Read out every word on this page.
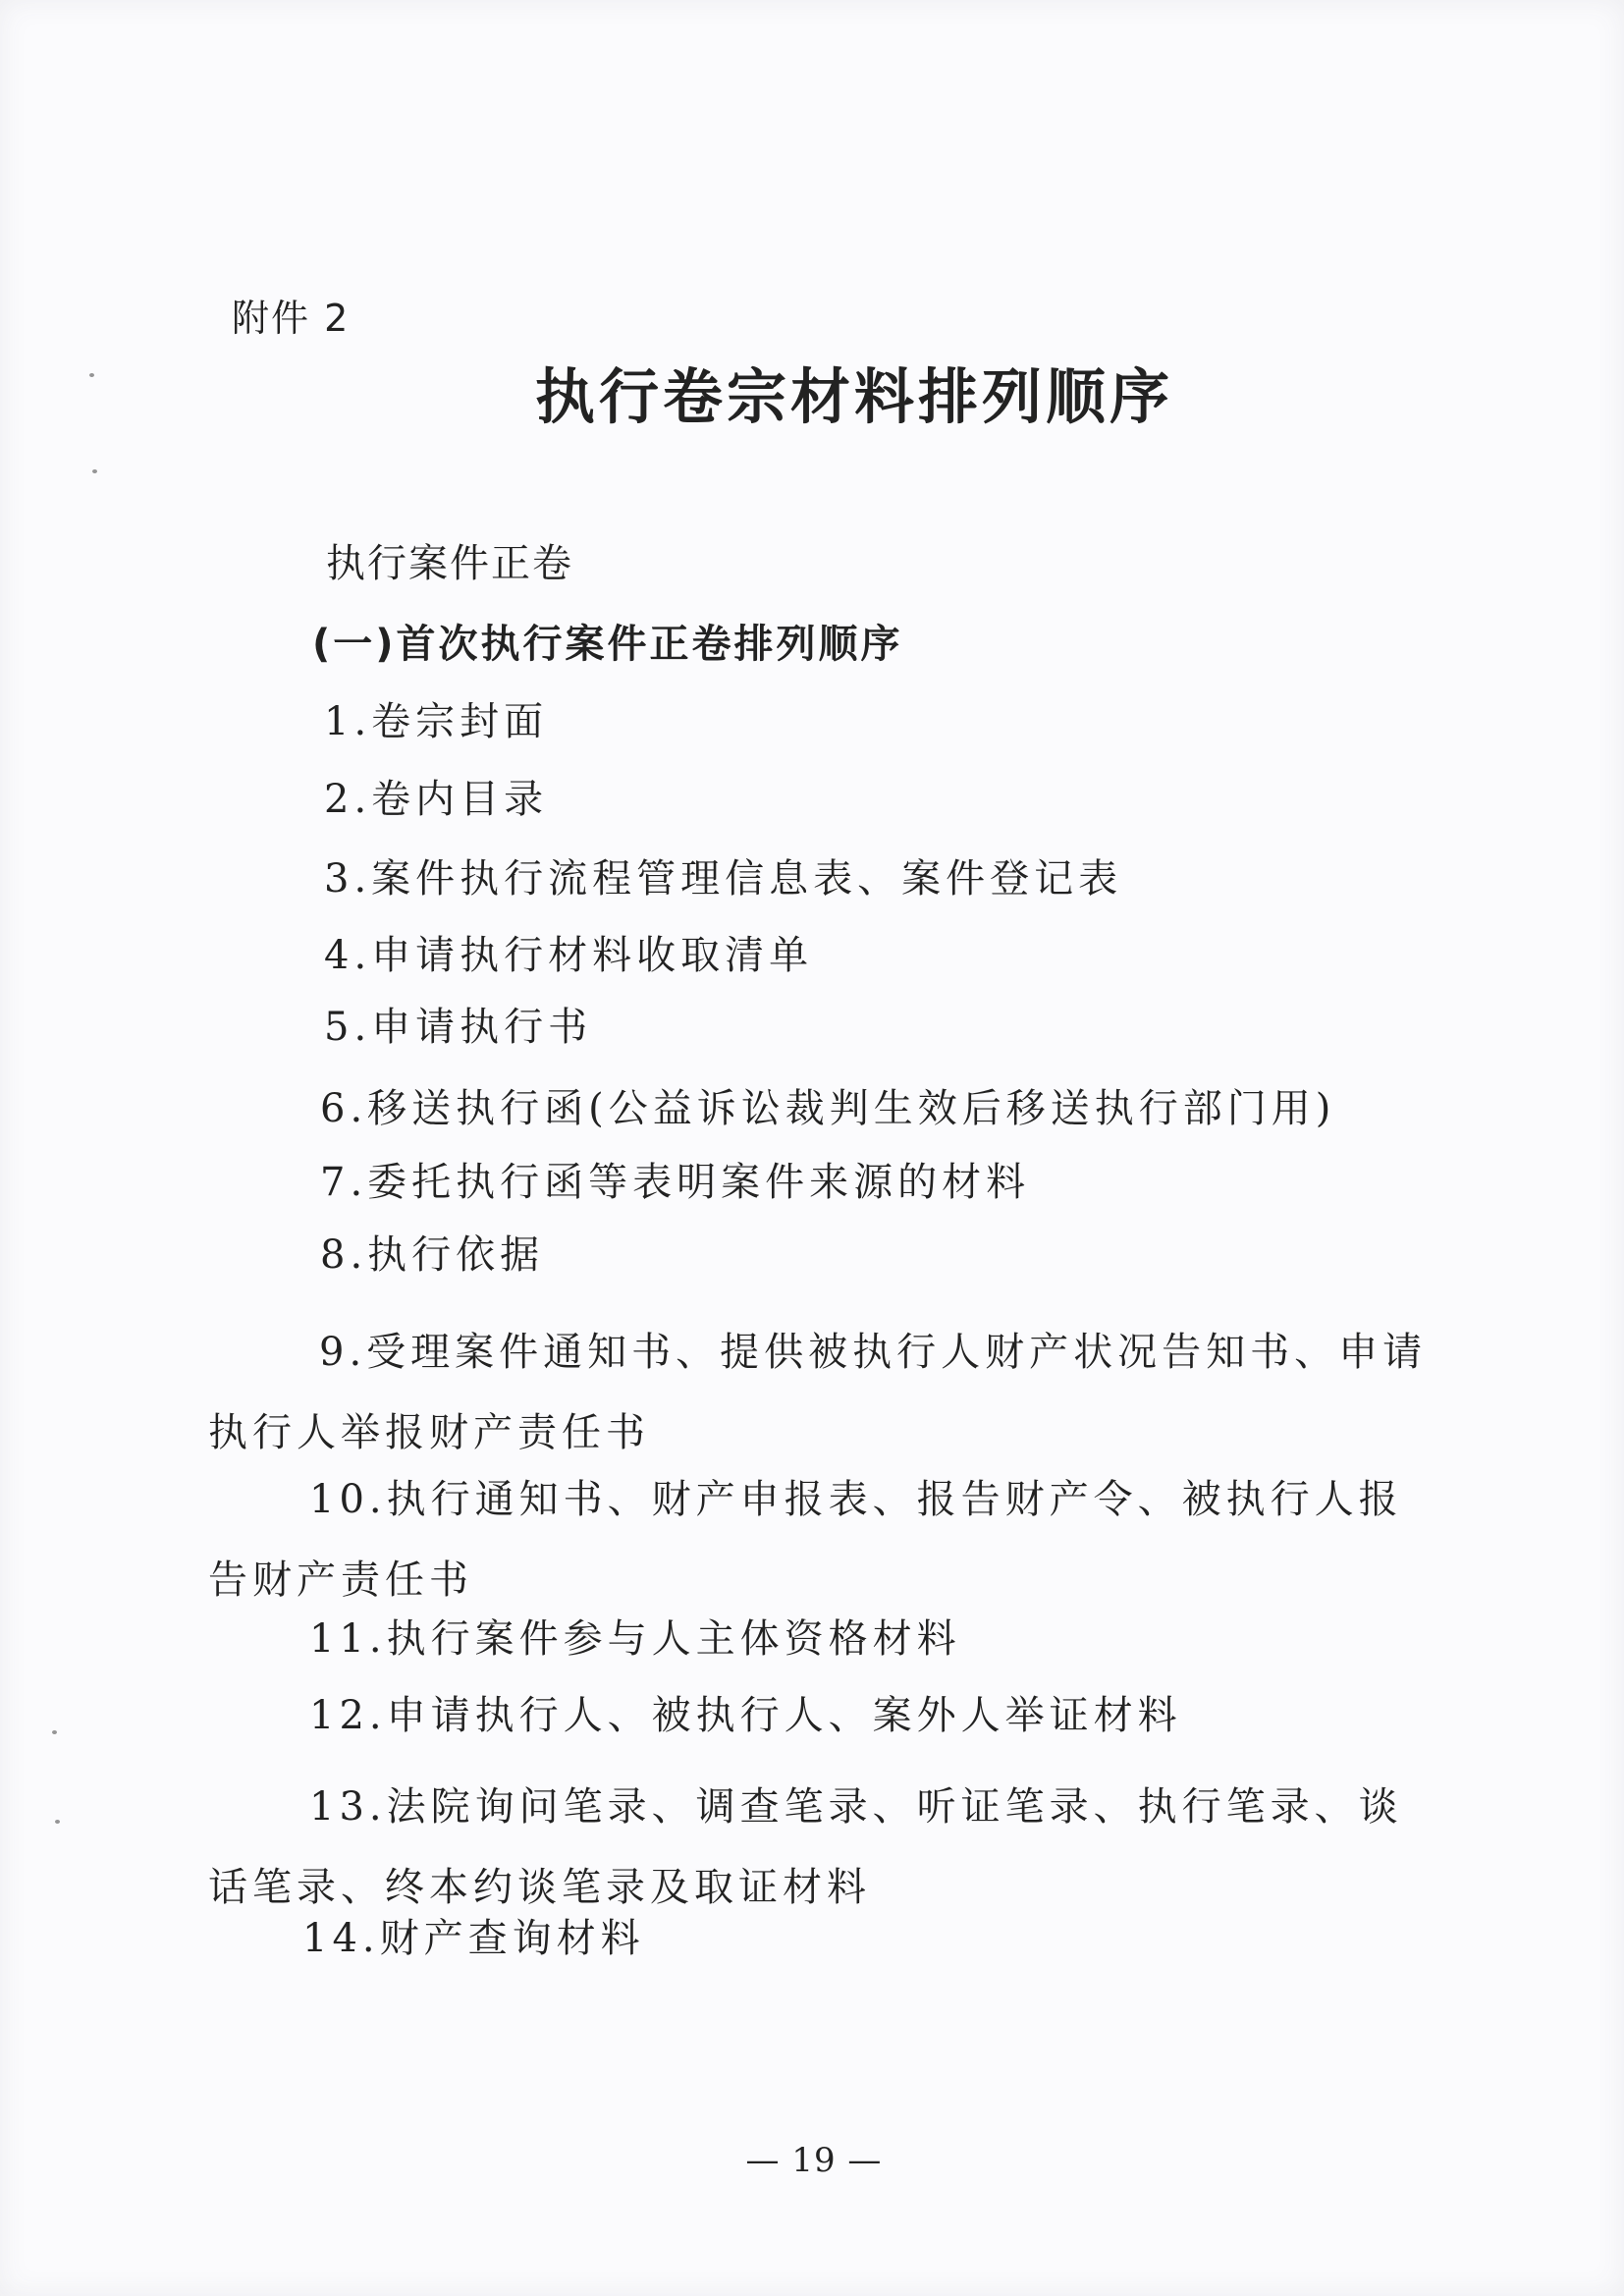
附件 2
执行卷宗材料排列顺序
执行案件正卷
(一)首次执行案件正卷排列顺序

1.卷宗封面

2.卷内目录

3.案件执行流程管理信息表、案件登记表

4.申请执行材料收取清单

5.申请执行书

6.移送执行函(公益诉讼裁判生效后移送执行部门用)

7.委托执行函等表明案件来源的材料

8.执行依据

9.受理案件通知书、提供被执行人财产状况告知书、申请执行人举报财产责任书

10.执行通知书、财产申报表、报告财产令、被执行人报告财产责任书

11.执行案件参与人主体资格材料

12.申请执行人、被执行人、案外人举证材料

13.法院询问笔录、调查笔录、听证笔录、执行笔录、谈话笔录、终本约谈笔录及取证材料

14.财产查询材料

— 19 —
